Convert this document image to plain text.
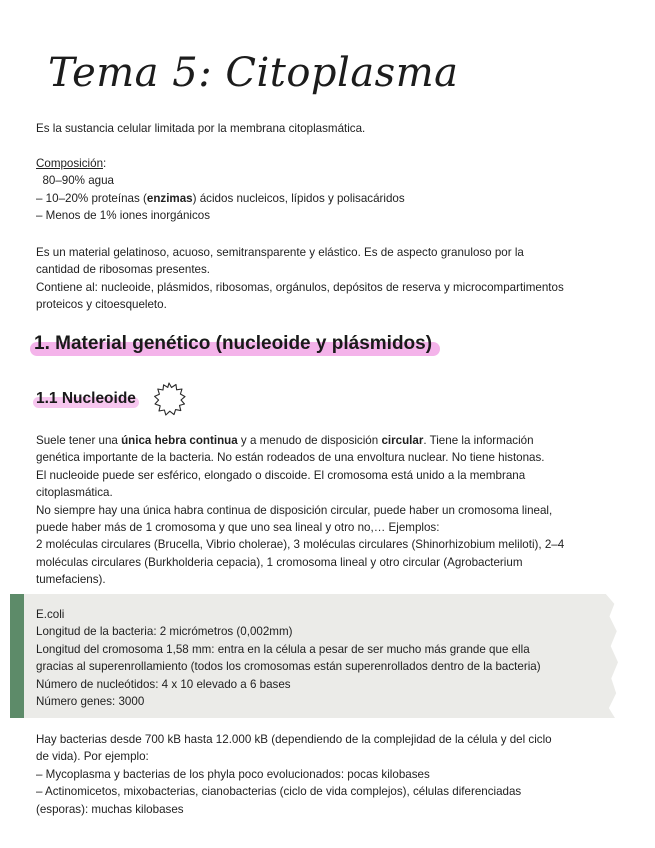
Tema 5: Citoplasma

Es la sustancia celular limitada por la membrana citoplasmática.

Composición:
80–90% agua
– 10–20% proteínas (enzimas) ácidos nucleicos, lípidos y polisacáridos
– Menos de 1% iones inorgánicos
Es un material gelatinoso, acuoso, semitransparente y elástico. Es de aspecto granuloso por la
cantidad de ribosomas presentes.
Contiene al: nucleoide, plásmidos, ribosomas, orgánulos, depósitos de reserva y microcompartimentos
proteicos y citoesqueleto.
1. Material genético (nucleoide y plásmidos)
1.1 Nucleoide
Suele tener una única hebra continua y a menudo de disposición circular. Tiene la información
genética importante de la bacteria. No están rodeados de una envoltura nuclear. No tiene histonas.
El nucleoide puede ser esférico, elongado o discoide. El cromosoma está unido a la membrana
citoplasmática.
No siempre hay una única habra continua de disposición circular, puede haber un cromosoma lineal,
puede haber más de 1 cromosoma y que uno sea lineal y otro no,… Ejemplos:
2 moléculas circulares (Brucella, Vibrio cholerae), 3 moléculas circulares (Shinorhizobium meliloti), 2–4
moléculas circulares (Burkholderia cepacia), 1 cromosoma lineal y otro circular (Agrobacterium
tumefaciens).
E.coli
Longitud de la bacteria: 2 micrómetros (0,002mm)
Longitud del cromosoma 1,58 mm: entra en la célula a pesar de ser mucho más grande que ella
gracias al superenrollamiento (todos los cromosomas están superenrollados dentro de la bacteria)
Número de nucleótidos: 4 x 10 elevado a 6 bases
Número genes: 3000
Hay bacterias desde 700 kB hasta 12.000 kB (dependiendo de la complejidad de la célula y del ciclo
de vida). Por ejemplo:
– Mycoplasma y bacterias de los phyla poco evolucionados: pocas kilobases
– Actinomicetos, mixobacterias, cianobacterias (ciclo de vida complejos), células diferenciadas
(esporas): muchas kilobases
